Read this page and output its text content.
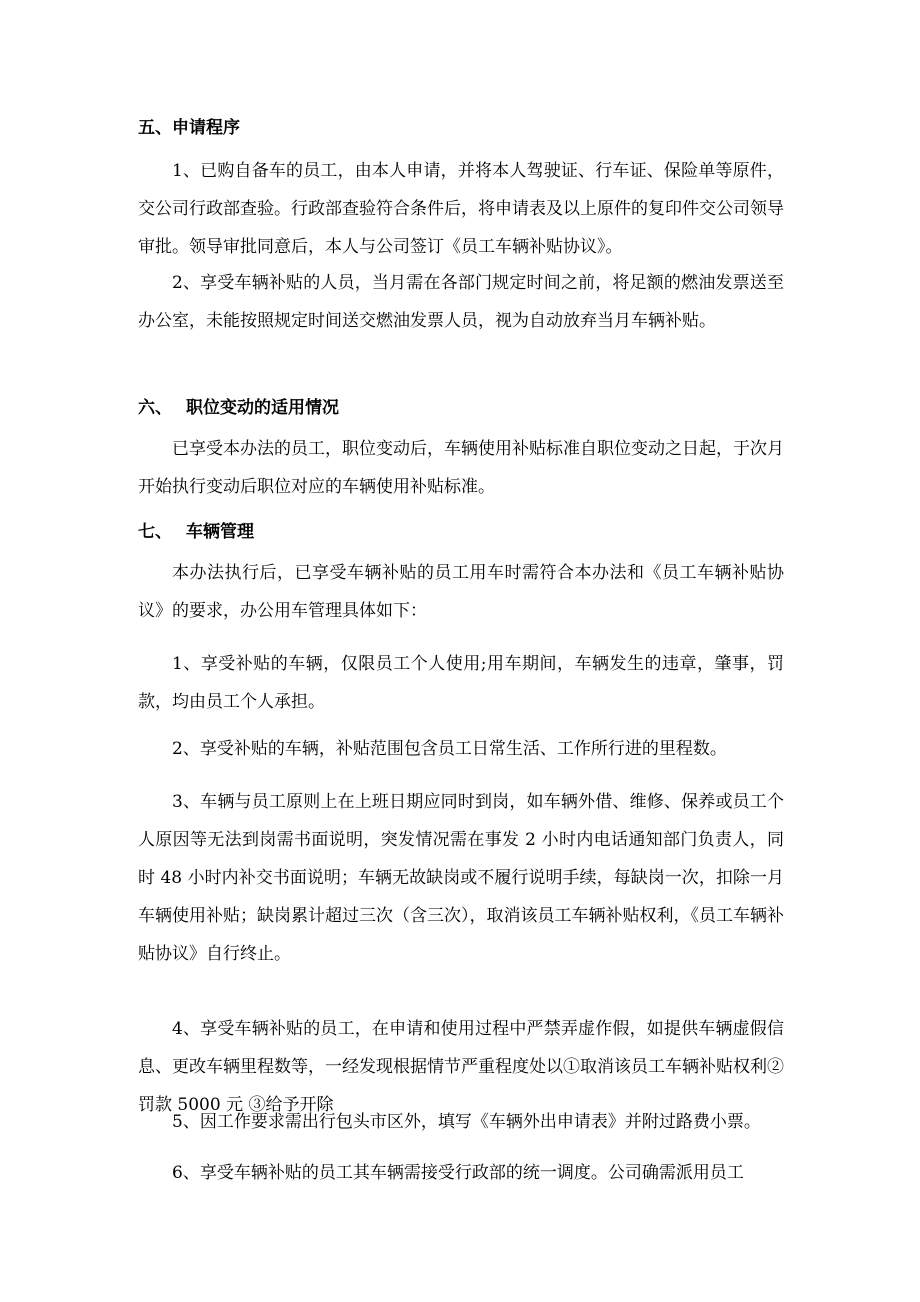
五、申请程序

1、已购自备车的员工，由本人申请，并将本人驾驶证、行车证、保险单等原件，交公司行政部查验。行政部查验符合条件后，将申请表及以上原件的复印件交公司领导审批。领导审批同意后，本人与公司签订《员工车辆补贴协议》。

2、享受车辆补贴的人员，当月需在各部门规定时间之前，将足额的燃油发票送至办公室，未能按照规定时间送交燃油发票人员，视为自动放弃当月车辆补贴。

六、 职位变动的适用情况

已享受本办法的员工，职位变动后，车辆使用补贴标准自职位变动之日起，于次月开始执行变动后职位对应的车辆使用补贴标准。

七、 车辆管理

本办法执行后，已享受车辆补贴的员工用车时需符合本办法和《员工车辆补贴协议》的要求，办公用车管理具体如下：

1、享受补贴的车辆，仅限员工个人使用;用车期间，车辆发生的违章，肇事，罚款，均由员工个人承担。

2、享受补贴的车辆，补贴范围包含员工日常生活、工作所行进的里程数。

3、车辆与员工原则上在上班日期应同时到岗，如车辆外借、维修、保养或员工个人原因等无法到岗需书面说明，突发情况需在事发 2 小时内电话通知部门负责人，同时 48 小时内补交书面说明；车辆无故缺岗或不履行说明手续，每缺岗一次，扣除一月车辆使用补贴；缺岗累计超过三次（含三次），取消该员工车辆补贴权利，《员工车辆补贴协议》自行终止。

4、享受车辆补贴的员工，在申请和使用过程中严禁弄虚作假，如提供车辆虚假信息、更改车辆里程数等，一经发现根据情节严重程度处以①取消该员工车辆补贴权利②罚款 5000 元 ③给予开除

5、因工作要求需出行包头市区外，填写《车辆外出申请表》并附过路费小票。

6、享受车辆补贴的员工其车辆需接受行政部的统一调度。公司确需派用员工
